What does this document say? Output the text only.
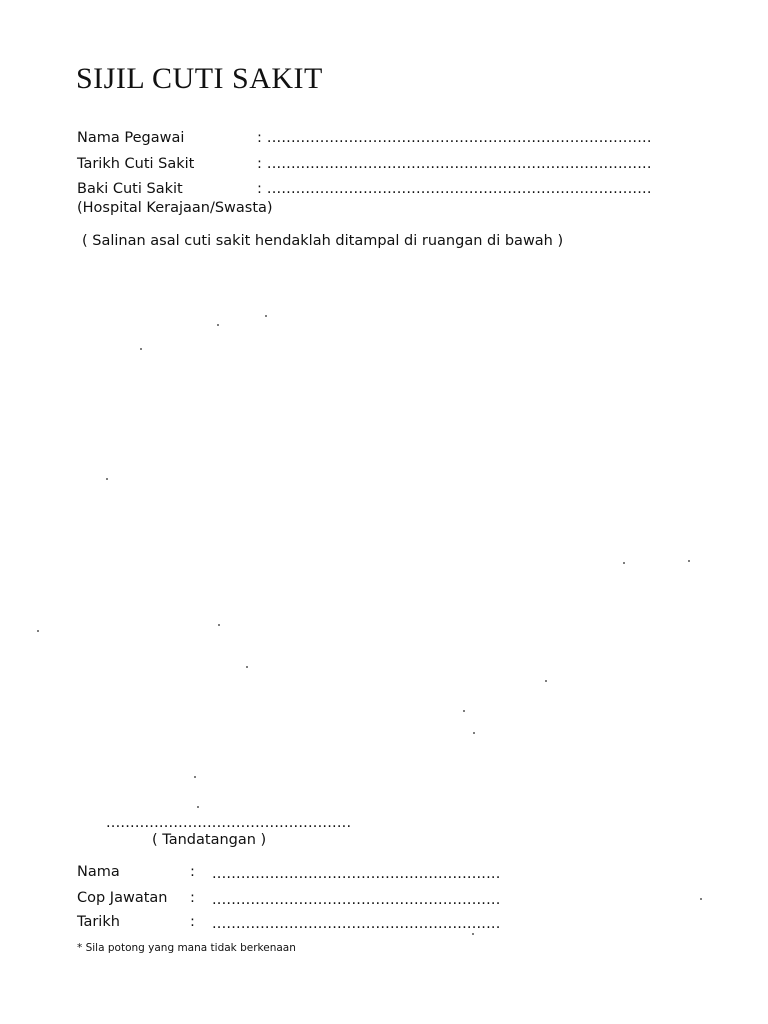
SIJIL CUTI SAKIT
Nama Pegawai	: ................................................................................
Tarikh Cuti Sakit	: ................................................................................
Baki Cuti Sakit	: ................................................................................
(Hospital Kerajaan/Swasta)
( Salinan asal cuti sakit hendaklah ditampal di ruangan di bawah )
...................................................
( Tandatangan )
Nama	: ............................................................
Cop Jawatan : ............................................................
Tarikh	: ............................................................
* Sila potong yang mana tidak berkenaan
